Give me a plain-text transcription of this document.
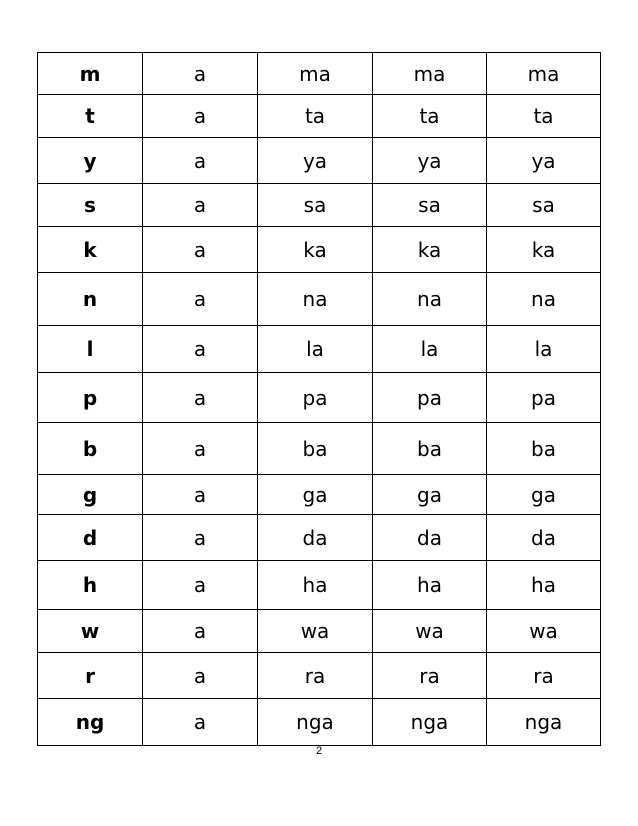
m	a	ma	ma	ma
t	a	ta	ta	ta
y	a	ya	ya	ya
s	a	sa	sa	sa
k	a	ka	ka	ka
n	a	na	na	na
l	a	la	la	la
p	a	pa	pa	pa
b	a	ba	ba	ba
g	a	ga	ga	ga
d	a	da	da	da
h	a	ha	ha	ha
w	a	wa	wa	wa
r	a	ra	ra	ra
ng	a	nga	nga	nga
2
